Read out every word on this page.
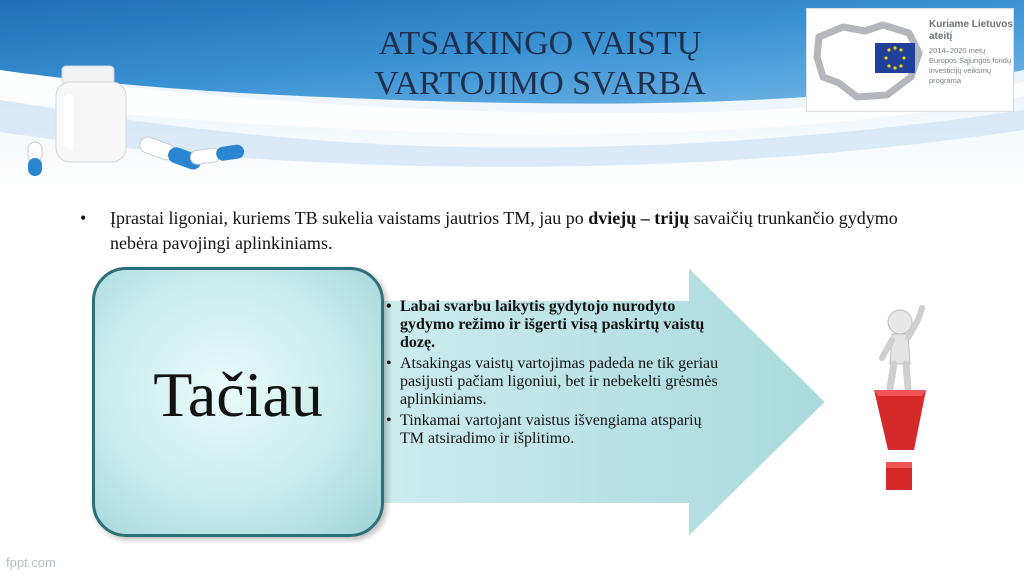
ATSAKINGO VAISTŲ
VARTOJIMO SVARBA
Kuriame Lietuvos ateitį
2014–2020 metų Europos Sąjungos fondų investicijų veiksmų programa
• Įprastai ligoniai, kuriems TB sukelia vaistams jautrios TM, jau po dviejų – trijų savaičių trunkančio gydymo nebėra pavojingi aplinkiniams.
Tačiau
• Labai svarbu laikytis gydytojo nurodyto gydymo režimo ir išgerti visą paskirtų vaistų dozę.
• Atsakingas vaistų vartojimas padeda ne tik geriau pasijusti pačiam ligoniui, bet ir nebekelti grėsmės aplinkiniams.
• Tinkamai vartojant vaistus išvengiama atsparių TM atsiradimo ir išplitimo.
fppt.com
